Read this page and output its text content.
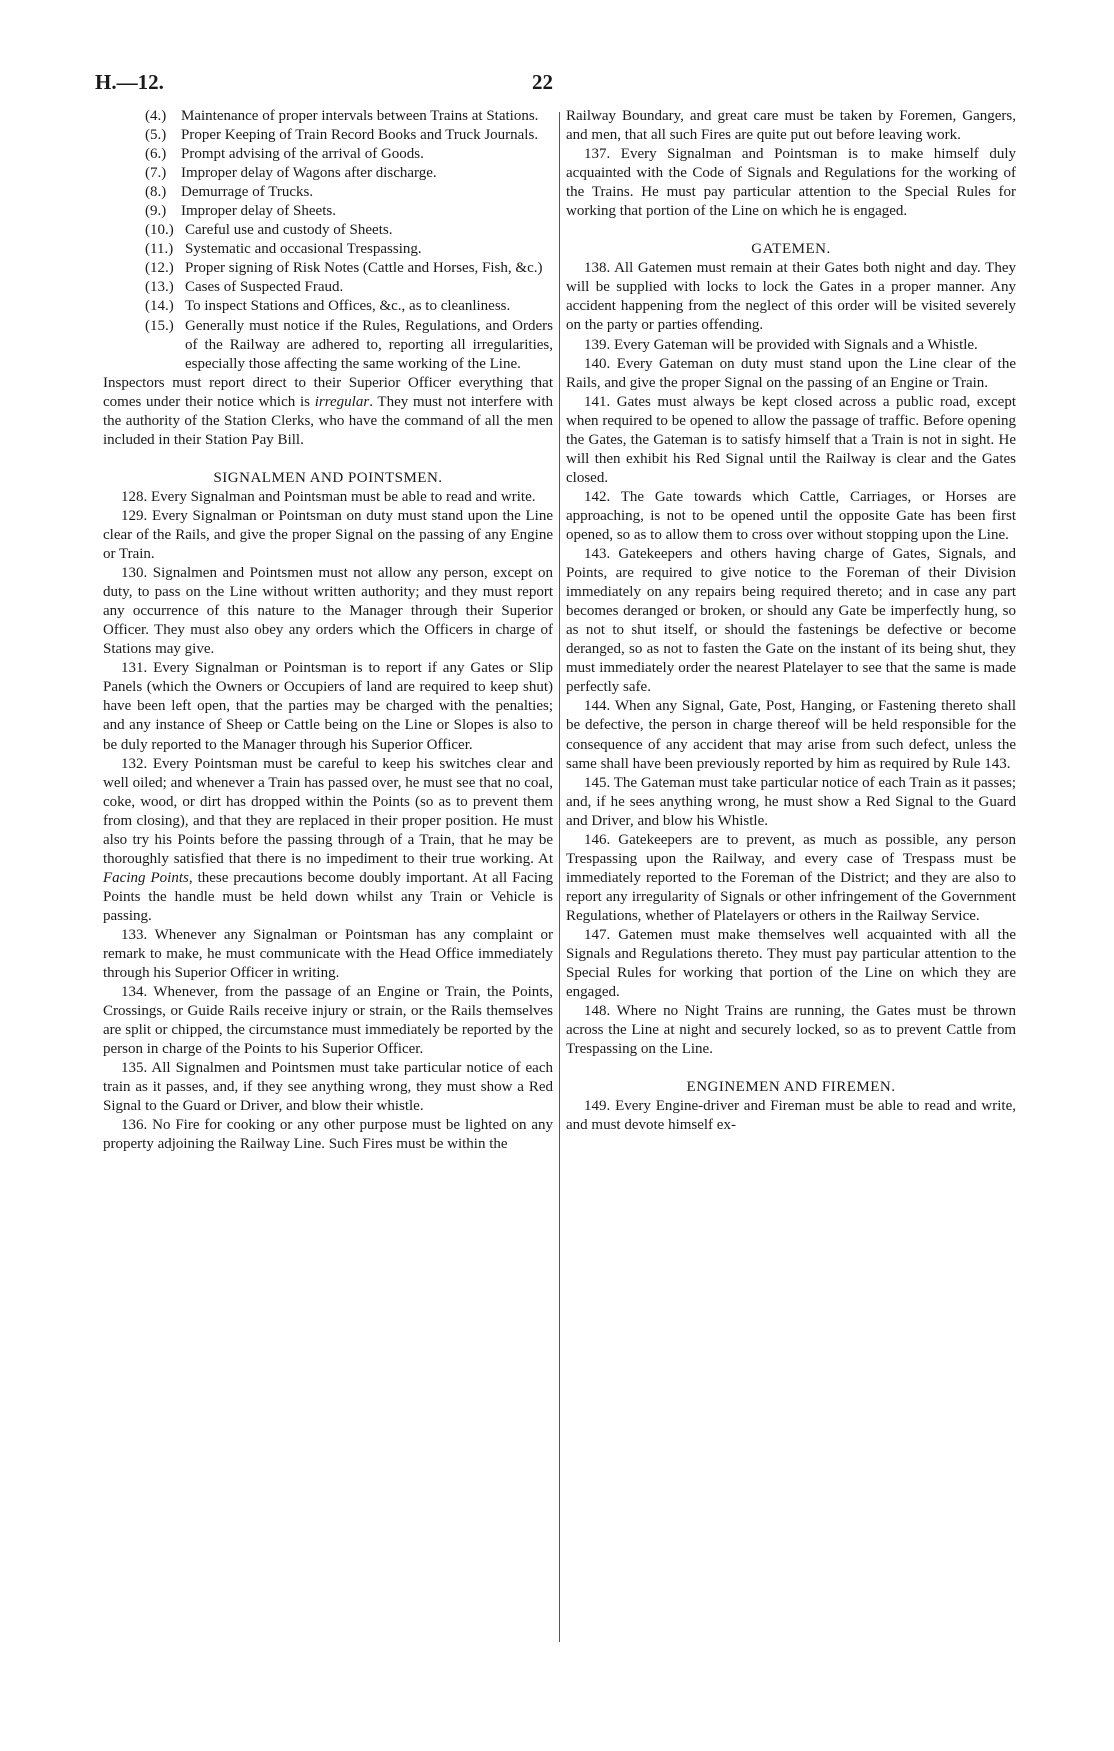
H.—12.	22
(4.) Maintenance of proper intervals between Trains at Stations.
(5.) Proper Keeping of Train Record Books and Truck Journals.
(6.) Prompt advising of the arrival of Goods.
(7.) Improper delay of Wagons after discharge.
(8.) Demurrage of Trucks.
(9.) Improper delay of Sheets.
(10.) Careful use and custody of Sheets.
(11.) Systematic and occasional Trespassing.
(12.) Proper signing of Risk Notes (Cattle and Horses, Fish, &c.)
(13.) Cases of Suspected Fraud.
(14.) To inspect Stations and Offices, &c., as to cleanliness.
(15.) Generally must notice if the Rules, Regulations, and Orders of the Railway are adhered to, reporting all irregularities, especially those affecting the same working of the Line.

Inspectors must report direct to their Superior Officer everything that comes under their notice which is irregular. They must not interfere with the authority of the Station Clerks, who have the command of all the men included in their Station Pay Bill.

SIGNALMEN AND POINTSMEN.

128. Every Signalman and Pointsman must be able to read and write.

129. Every Signalman or Pointsman on duty must stand upon the Line clear of the Rails, and give the proper Signal on the passing of any Engine or Train.

130. Signalmen and Pointsmen must not allow any person, except on duty, to pass on the Line without written authority; and they must report any occurrence of this nature to the Manager through their Superior Officer. They must also obey any orders which the Officers in charge of Stations may give.

131. Every Signalman or Pointsman is to report if any Gates or Slip Panels (which the Owners or Occupiers of land are required to keep shut) have been left open, that the parties may be charged with the penalties; and any instance of Sheep or Cattle being on the Line or Slopes is also to be duly reported to the Manager through his Superior Officer.

132. Every Pointsman must be careful to keep his switches clear and well oiled; and whenever a Train has passed over, he must see that no coal, coke, wood, or dirt has dropped within the Points (so as to prevent them from closing), and that they are replaced in their proper position. He must also try his Points before the passing through of a Train, that he may be thoroughly satisfied that there is no impediment to their true working. At Facing Points, these precautions become doubly important. At all Facing Points the handle must be held down whilst any Train or Vehicle is passing.

133. Whenever any Signalman or Pointsman has any complaint or remark to make, he must communicate with the Head Office immediately through his Superior Officer in writing.

134. Whenever, from the passage of an Engine or Train, the Points, Crossings, or Guide Rails receive injury or strain, or the Rails themselves are split or chipped, the circumstance must immediately be reported by the person in charge of the Points to his Superior Officer.

135. All Signalmen and Pointsmen must take particular notice of each train as it passes, and, if they see anything wrong, they must show a Red Signal to the Guard or Driver, and blow their whistle.

136. No Fire for cooking or any other purpose must be lighted on any property adjoining the Railway Line. Such Fires must be within the

Railway Boundary, and great care must be taken by Foremen, Gangers, and men, that all such Fires are quite put out before leaving work.

137. Every Signalman and Pointsman is to make himself duly acquainted with the Code of Signals and Regulations for the working of the Trains. He must pay particular attention to the Special Rules for working that portion of the Line on which he is engaged.

GATEMEN.

138. All Gatemen must remain at their Gates both night and day. They will be supplied with locks to lock the Gates in a proper manner. Any accident happening from the neglect of this order will be visited severely on the party or parties offending.

139. Every Gateman will be provided with Signals and a Whistle.

140. Every Gateman on duty must stand upon the Line clear of the Rails, and give the proper Signal on the passing of an Engine or Train.

141. Gates must always be kept closed across a public road, except when required to be opened to allow the passage of traffic. Before opening the Gates, the Gateman is to satisfy himself that a Train is not in sight. He will then exhibit his Red Signal until the Railway is clear and the Gates closed.

142. The Gate towards which Cattle, Carriages, or Horses are approaching, is not to be opened until the opposite Gate has been first opened, so as to allow them to cross over without stopping upon the Line.

143. Gatekeepers and others having charge of Gates, Signals, and Points, are required to give notice to the Foreman of their Division immediately on any repairs being required thereto; and in case any part becomes deranged or broken, or should any Gate be imperfectly hung, so as not to shut itself, or should the fastenings be defective or become deranged, so as not to fasten the Gate on the instant of its being shut, they must immediately order the nearest Platelayer to see that the same is made perfectly safe.

144. When any Signal, Gate, Post, Hanging, or Fastening thereto shall be defective, the person in charge thereof will be held responsible for the consequence of any accident that may arise from such defect, unless the same shall have been previously reported by him as required by Rule 143.

145. The Gateman must take particular notice of each Train as it passes; and, if he sees anything wrong, he must show a Red Signal to the Guard and Driver, and blow his Whistle.

146. Gatekeepers are to prevent, as much as possible, any person Trespassing upon the Railway, and every case of Trespass must be immediately reported to the Foreman of the District; and they are also to report any irregularity of Signals or other infringement of the Government Regulations, whether of Platelayers or others in the Railway Service.

147. Gatemen must make themselves well acquainted with all the Signals and Regulations thereto. They must pay particular attention to the Special Rules for working that portion of the Line on which they are engaged.

148. Where no Night Trains are running, the Gates must be thrown across the Line at night and securely locked, so as to prevent Cattle from Trespassing on the Line.

ENGINEMEN AND FIREMEN.

149. Every Engine-driver and Fireman must be able to read and write, and must devote himself ex-
